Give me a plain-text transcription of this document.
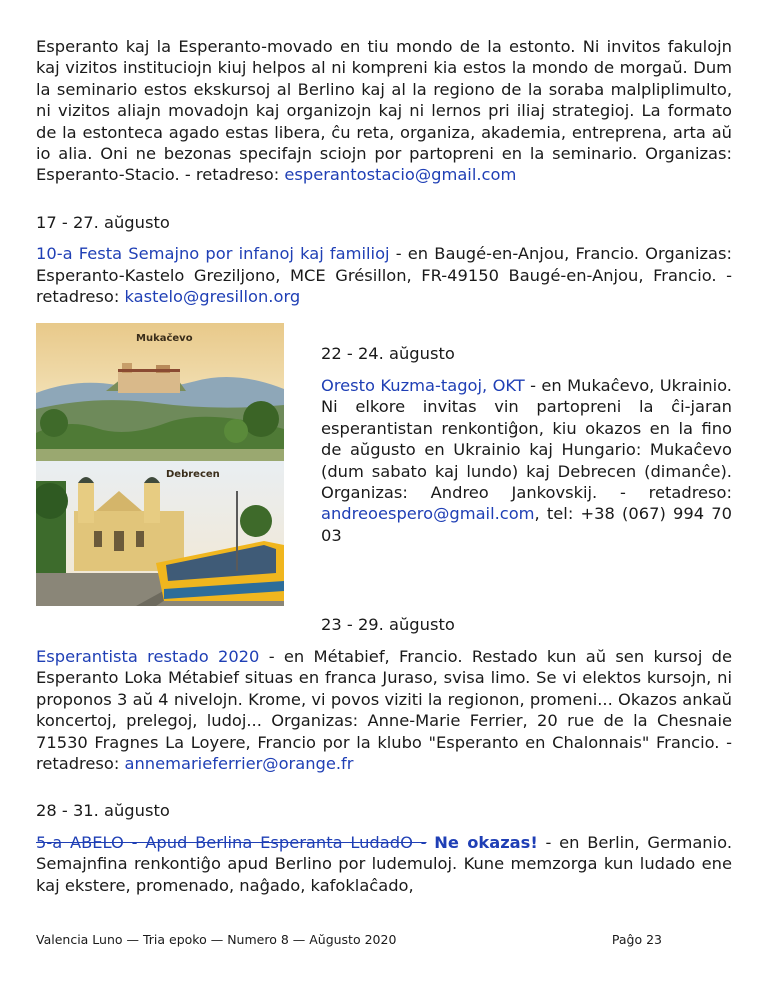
Esperanto kaj la Esperanto-movado en tiu mondo de la estonto. Ni invitos fakulojn kaj vizitos instituciojn kiuj helpos al ni kompreni kia estos la mondo de morgaŭ. Dum la seminario estos ekskursoj al Berlino kaj al la regiono de la soraba malpliplimulto, ni vizitos aliajn movadojn kaj organizojn kaj ni lernos pri iliaj strategioj. La formato de la estonteca agado estas libera, ĉu reta, organiza, akademia, entreprena, arta aŭ io alia. Oni ne bezonas specifajn sciojn por partopreni en la seminario. Organizas: Esperanto-Stacio. - retadreso: esperantostacio@gmail.com

17 - 27. aŭgusto

10-a Festa Semajno por infanoj kaj familioj - en Baugé-en-Anjou, Francio. Organizas: Esperanto-Kastelo Greziljono, MCE Grésillon, FR-49150 Baugé-en-Anjou, Francio. - retadreso: kastelo@gresillon.org

Mukačevo
Debrecen
22 - 24. aŭgusto

Oresto Kuzma-tagoj, OKT - en Mukaĉevo, Ukrainio. Ni elkore invitas vin partopreni la ĉi-jaran esperantistan renkontiĝon, kiu okazos en la fino de aŭgusto en Ukrainio kaj Hungario: Mukaĉevo (dum sabato kaj lundo) kaj Debrecen (dimanĉe). Organizas: Andreo Jankovskij. - retadreso: andreoespero@gmail.com, tel: +38 (067) 994 70 03

23 - 29. aŭgusto

Esperantista restado 2020 - en Métabief, Francio. Restado kun aŭ sen kursoj de Esperanto Loka Métabief situas en franca Juraso, svisa limo. Se vi elektos kursojn, ni proponos 3 aŭ 4 nivelojn. Krome, vi povos viziti la regionon, promeni... Okazos ankaŭ koncertoj, prelegoj, ludoj... Organizas: Anne-Marie Ferrier, 20 rue de la Chesnaie 71530 Fragnes La Loyere, Francio por la klubo "Esperanto en Chalonnais" Francio. - retadreso: annemarieferrier@orange.fr

28 - 31. aŭgusto

5-a ABELO - Apud Berlina Esperanta LudadO - Ne okazas! - en Berlin, Germanio. Semajnfina renkontiĝo apud Berlino por ludemuloj. Kune memzorga kun ludado ene kaj ekstere, promenado, naĝado, kafoklaĉado,

Valencia Luno — Tria epoko — Numero 8 — Aŭgusto 2020	Paĝo 23
